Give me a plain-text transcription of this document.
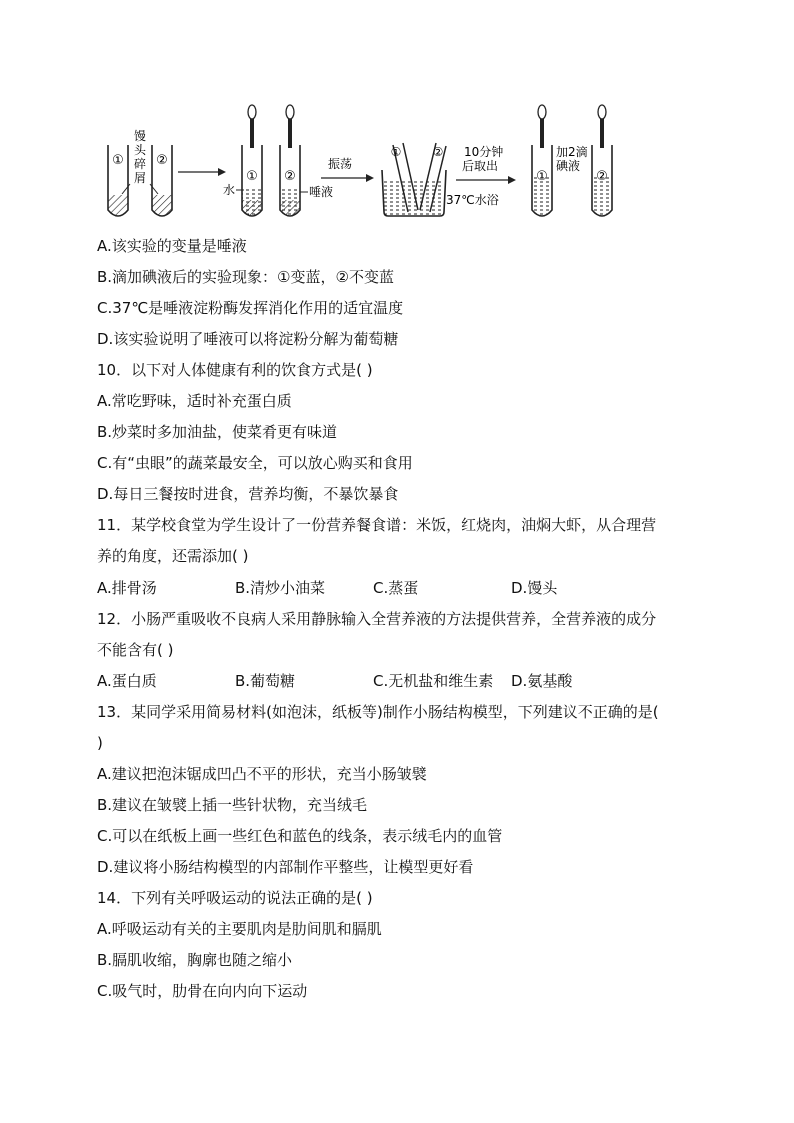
① ②
馒
头
碎
屑	① ②
水	唾液
振荡
①	②
37℃水浴
10分钟
后取出
①	②
加2滴
碘液
A.该实验的变量是唾液
B.滴加碘液后的实验现象：①变蓝，②不变蓝
C.37℃是唾液淀粉酶发挥消化作用的适宜温度
D.该实验说明了唾液可以将淀粉分解为葡萄糖
10．以下对人体健康有利的饮食方式是( )
A.常吃野味，适时补充蛋白质
B.炒菜时多加油盐，使菜肴更有味道
C.有“虫眼”的蔬菜最安全，可以放心购买和食用
D.每日三餐按时进食，营养均衡，不暴饮暴食
11．某学校食堂为学生设计了一份营养餐食谱：米饭，红烧肉，油焖大虾，从合理营
养的角度，还需添加( )
A.排骨汤	B.清炒小油菜	C.蒸蛋	D.馒头
12．小肠严重吸收不良病人采用静脉输入全营养液的方法提供营养，全营养液的成分
不能含有( )
A.蛋白质	B.葡萄糖	C.无机盐和维生素	D.氨基酸
13．某同学采用简易材料(如泡沫，纸板等)制作小肠结构模型，下列建议不正确的是(
)
A.建议把泡沫锯成凹凸不平的形状，充当小肠皱襞
B.建议在皱襞上插一些针状物，充当绒毛
C.可以在纸板上画一些红色和蓝色的线条，表示绒毛内的血管
D.建议将小肠结构模型的内部制作平整些，让模型更好看
14．下列有关呼吸运动的说法正确的是( )
A.呼吸运动有关的主要肌肉是肋间肌和膈肌
B.膈肌收缩，胸廓也随之缩小
C.吸气时，肋骨在向内向下运动
